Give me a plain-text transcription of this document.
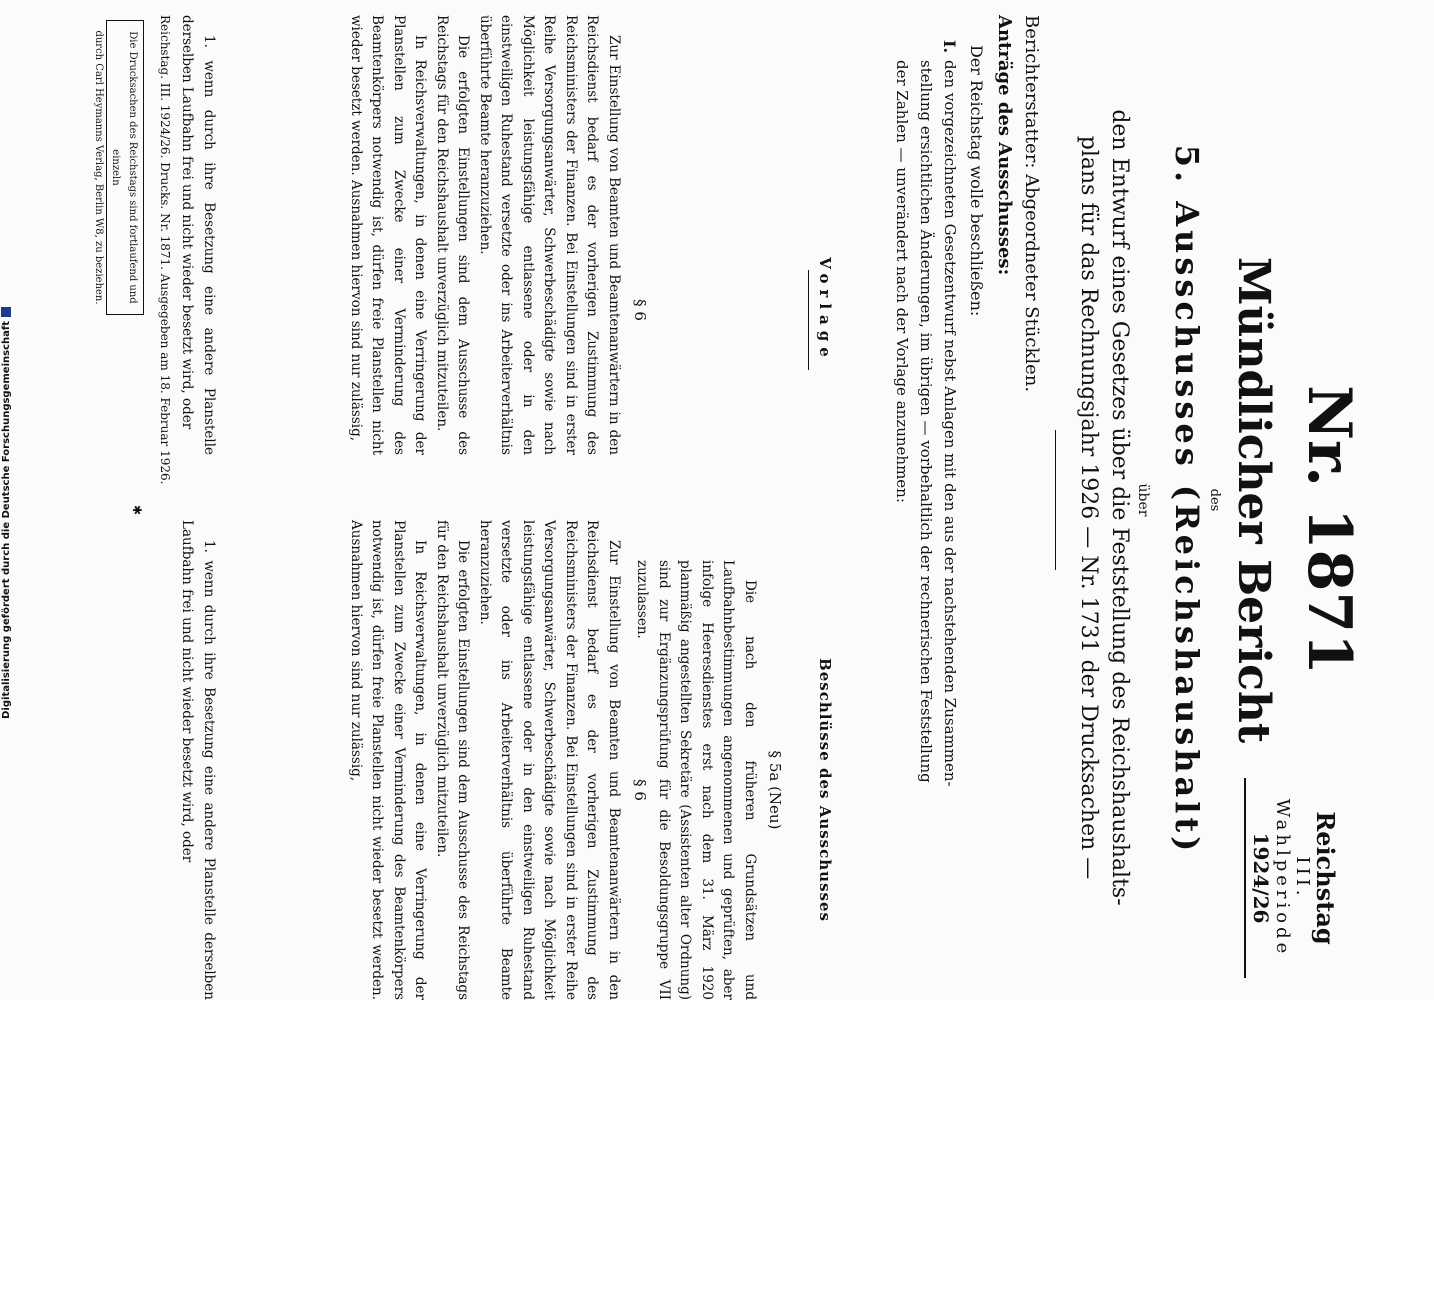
Reichstag
III. Wahlperiode
1924/26
Nr. 1871
Mündlicher Bericht
des
5. Ausschusses (Reichshaushalt)
über
den Entwurf eines Gesetzes über die Feststellung des Reichshaushalts-
plans für das Rechnungsjahr 1926 — Nr. 1731 der Drucksachen —
Berichterstatter: Abgeordneter Stücklen.
Anträge des Ausschusses:
Der Reichstag wolle beschließen:
I.
den vorgezeichneten Gesetzentwurf nebst Anlagen mit den aus der nachstehenden Zusammen-
stellung ersichtlichen Änderungen, im übrigen — vorbehaltlich der rechnerischen Feststellung
der Zahlen — unverändert nach der Vorlage anzunehmen:
Vorlage
Beschlüsse des Ausschusses
§ 5a (Neu)
Die nach den früheren Grundsätzen und Laufbahnbestimmungen angenommenen und geprüften, aber infolge Heeresdienstes erst nach dem 31. März 1920 planmäßig angestellten Sekretäre (Assistenten alter Ordnung) sind zur Ergänzungsprüfung für die Besoldungsgruppe VII zuzulassen.
§ 6
§ 6

Zur Einstellung von Beamten und Beamtenanwärtern in den Reichsdienst bedarf es der vorherigen Zustimmung des Reichsministers der Finanzen. Bei Einstellungen sind in erster Reihe Versorgungsanwärter, Schwerbeschädigte sowie nach Möglichkeit leistungsfähige entlassene oder in den einstweiligen Ruhestand versetzte oder ins Arbeiterverhältnis überführte Beamte heranzuziehen.

Die erfolgten Einstellungen sind dem Ausschusse des Reichstags für den Reichshaushalt unverzüglich mitzuteilen.

In Reichsverwaltungen, in denen eine Verringerung der Planstellen zum Zwecke einer Verminderung des Beamtenkörpers notwendig ist, dürfen freie Planstellen nicht wieder besetzt werden. Ausnahmen hiervon sind nur zulässig,

Zur Einstellung von Beamten und Beamtenanwärtern in den Reichsdienst bedarf es der vorherigen Zustimmung des Reichsministers der Finanzen. Bei Einstellungen sind in erster Reihe Versorgungsanwärter, Schwerbeschädigte sowie nach Möglichkeit leistungsfähige entlassene oder in den einstweiligen Ruhestand versetzte oder ins Arbeiterverhältnis überführte Beamte heranzuziehen.

Die erfolgten Einstellungen sind dem Ausschusse des Reichstags für den Reichshaushalt unverzüglich mitzuteilen.

In Reichsverwaltungen, in denen eine Verringerung der Planstellen zum Zwecke einer Verminderung des Beamtenkörpers notwendig ist, dürfen freie Planstellen nicht wieder besetzt werden. Ausnahmen hiervon sind nur zulässig,

1. wenn durch ihre Besetzung eine andere Planstelle derselben Laufbahn frei und nicht wieder besetzt wird, oder
1. wenn durch ihre Besetzung eine andere Planstelle derselben Laufbahn frei und nicht wieder besetzt wird, oder
Reichstag. III. 1924/26. Drucks. Nr. 1871. Ausgegeben am 18. Februar 1926.
Die Drucksachen des Reichstags sind fortlaufend und einzeln
durch Carl Heymanns Verlag, Berlin W8, zu beziehen.
✱
Digitalisierung gefördert durch die Deutsche Forschungsgemeinschaft
